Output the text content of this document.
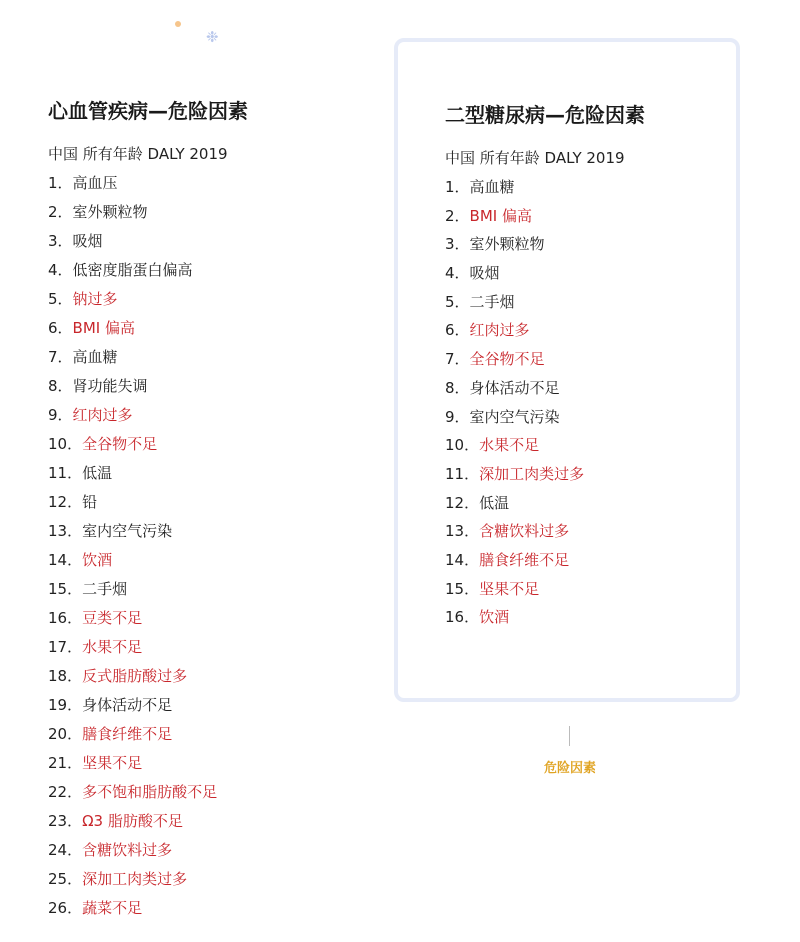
❉
心血管疾病—危险因素
中国 所有年龄 DALY 2019
1．高血压
2．室外颗粒物
3．吸烟
4．低密度脂蛋白偏高
5．钠过多
6．BMI 偏高
7．高血糖
8．肾功能失调
9．红肉过多
10．全谷物不足
11．低温
12．铅
13．室内空气污染
14．饮酒
15．二手烟
16．豆类不足
17．水果不足
18．反式脂肪酸过多
19．身体活动不足
20．膳食纤维不足
21．坚果不足
22．多不饱和脂肪酸不足
23．Ω3 脂肪酸不足
24．含糖饮料过多
25．深加工肉类过多
26．蔬菜不足
二型糖尿病—危险因素
中国 所有年龄 DALY 2019
1．高血糖
2．BMI 偏高
3．室外颗粒物
4．吸烟
5．二手烟
6．红肉过多
7．全谷物不足
8．身体活动不足
9．室内空气污染
10．水果不足
11．深加工肉类过多
12．低温
13．含糖饮料过多
14．膳食纤维不足
15．坚果不足
16．饮酒
危险因素
